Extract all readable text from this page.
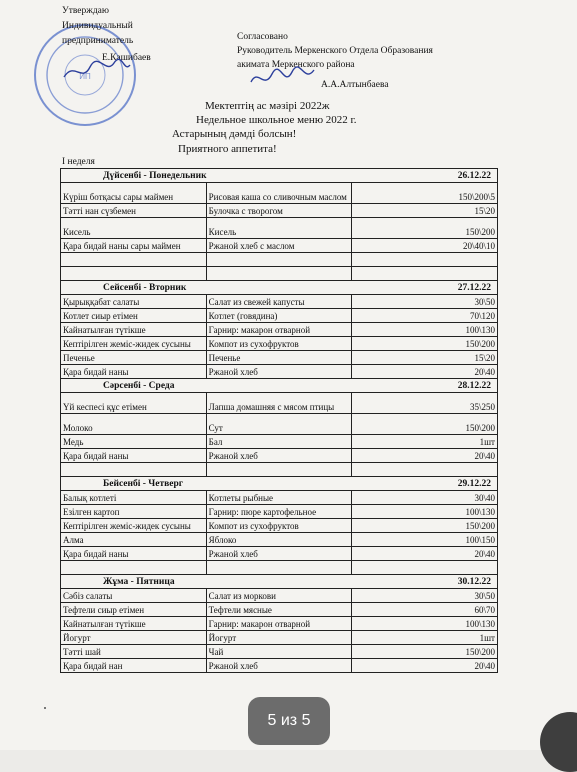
ИП
Утверждаю
Индивидуальный
предприниматель
Е.Кашибаев
Согласовано
Руководитель Меркенского Отдела Образования
акимата Меркенского района
А.А.Алтынбаева
Мектептің ас мәзірі 2022ж
Недельное школьное меню 2022 г.
Астарының дәмді болсын!
Приятного аппетита!
I неделя
Дүйсенбі - Понедельник 26.12.22		

Күріш ботқасы сары маймен	Рисовая каша со сливочным маслом	150\200\5
Тәтті нан сүзбемен	Булочка с творогом	15\20
Кисель	Кисель	150\200
Қара бидай наны сары маймен	Ржаной хлеб с маслом	20\40\10

Сейсенбі - Вторник 27.12.22		

Қырыққабат салаты	Салат из свежей капусты	30\50
Котлет сиыр етімен	Котлет (говядина)	70\120
Кайнатылған түтікше	Гарнир: макарон отварной	100\130
Кептірілген жеміс-жидек сусыны	Компот из сухофруктов	150\200
Печенье	Печенье	15\20
Қара бидай наны	Ржаной хлеб	20\40
Сәрсенбі - Среда 28.12.22		

Үй кеспесі құс етімен	Лапша домашняя с мясом птицы	35\250
Молоко	Сут	150\200
Медь	Бал	1шт
Қара бидай наны	Ржаной хлеб	20\40

Бейсенбі - Четверг 29.12.22		

Балық котлеті	Котлеты рыбные	30\40
Езілген картоп	Гарнир: пюре картофельное	100\130
Кептірілген жеміс-жидек сусыны	Компот из сухофруктов	150\200
Алма	Яблоко	100\150
Қара бидай наны	Ржаной хлеб	20\40

Жұма - Пятница 30.12.22		

Сәбіз салаты	Салат из моркови	30\50
Тефтели сиыр етімен	Тефтели мясные	60\70
Кайнатылған түтікше	Гарнир: макарон отварной	100\130
Йогурт	Йогурт	1шт
Тәтті шай	Чай	150\200
Қара бидай нан	Ржаной хлеб	20\40
5 из 5
